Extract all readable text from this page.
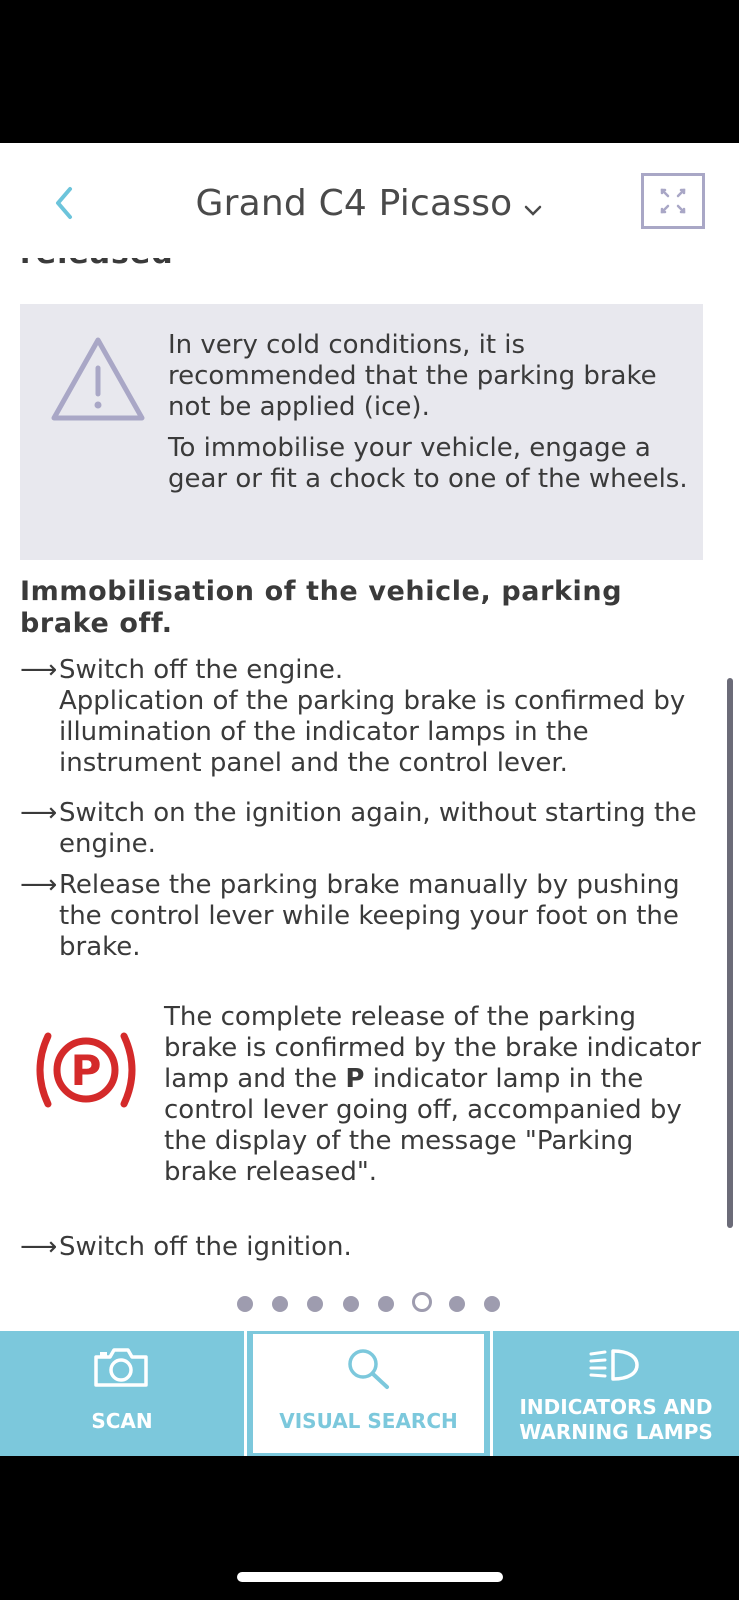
Grand C4 Picasso

In very cold conditions, it is recommended that the parking brake not be applied (ice).

To immobilise your vehicle, engage a gear or fit a chock to one of the wheels.

Immobilisation of the vehicle, parking brake off.
⟶ Switch off the engine.
Application of the parking brake is confirmed by illumination of the indicator lamps in the instrument panel and the control lever.
⟶ Switch on the ignition again, without starting the engine.
⟶ Release the parking brake manually by pushing the control lever while keeping your foot on the brake.
P
The complete release of the parking brake is confirmed by the brake indicator lamp and the P indicator lamp in the control lever going off, accompanied by the display of the message "Parking brake released".
⟶ Switch off the ignition.
SCAN	VISUAL SEARCH
INDICATORS AND
WARNING LAMPS
